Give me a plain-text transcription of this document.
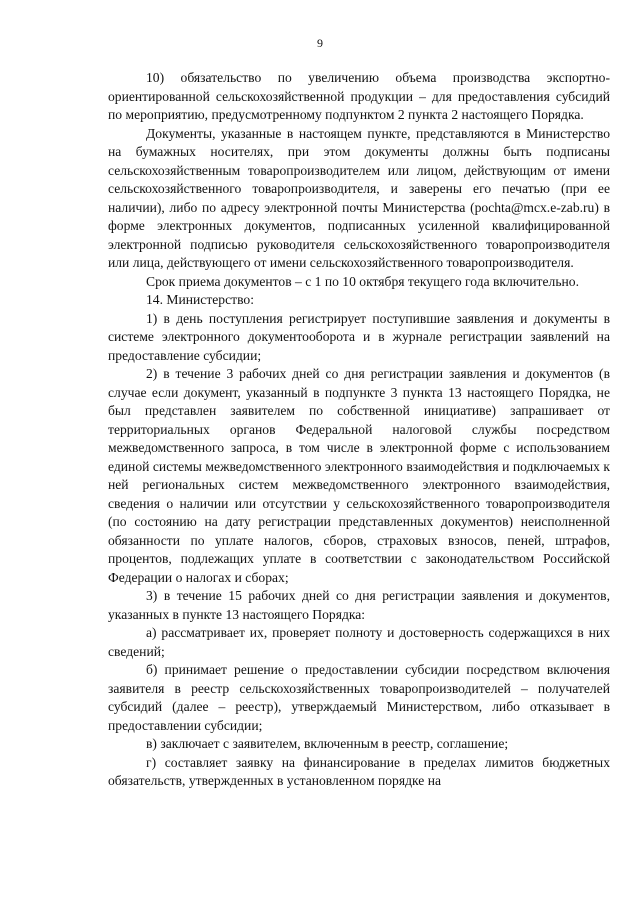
9

10) обязательство по увеличению объема производства экспортно-ориентированной сельскохозяйственной продукции – для предоставления субсидий по мероприятию, предусмотренному подпунктом 2 пункта 2 настоящего Порядка.

Документы, указанные в настоящем пункте, представляются в Министерство на бумажных носителях, при этом документы должны быть подписаны сельскохозяйственным товаропроизводителем или лицом, действующим от имени сельскохозяйственного товаропроизводителя, и заверены его печатью (при ее наличии), либо по адресу электронной почты Министерства (pochta@mcx.e-zab.ru) в форме электронных документов, подписанных усиленной квалифицированной электронной подписью руководителя сельскохозяйственного товаропроизводителя или лица, действующего от имени сельскохозяйственного товаропроизводителя.

Срок приема документов – с 1 по 10 октября текущего года включительно.

14. Министерство:

1) в день поступления регистрирует поступившие заявления и документы в системе электронного документооборота и в журнале регистрации заявлений на предоставление субсидии;

2) в течение 3 рабочих дней со дня регистрации заявления и документов (в случае если документ, указанный в подпункте 3 пункта 13 настоящего Порядка, не был представлен заявителем по собственной инициативе) запрашивает от территориальных органов Федеральной налоговой службы посредством межведомственного запроса, в том числе в электронной форме с использованием единой системы межведомственного электронного взаимодействия и подключаемых к ней региональных систем межведомственного электронного взаимодействия, сведения о наличии или отсутствии у сельскохозяйственного товаропроизводителя (по состоянию на дату регистрации представленных документов) неисполненной обязанности по уплате налогов, сборов, страховых взносов, пеней, штрафов, процентов, подлежащих уплате в соответствии с законодательством Российской Федерации о налогах и сборах;

3) в течение 15 рабочих дней со дня регистрации заявления и документов, указанных в пункте 13 настоящего Порядка:

а) рассматривает их, проверяет полноту и достоверность содержащихся в них сведений;

б) принимает решение о предоставлении субсидии посредством включения заявителя в реестр сельскохозяйственных товаропроизводителей – получателей субсидий (далее – реестр), утверждаемый Министерством, либо отказывает в предоставлении субсидии;

в) заключает с заявителем, включенным в реестр, соглашение;

г) составляет заявку на финансирование в пределах лимитов бюджетных обязательств, утвержденных в установленном порядке на
